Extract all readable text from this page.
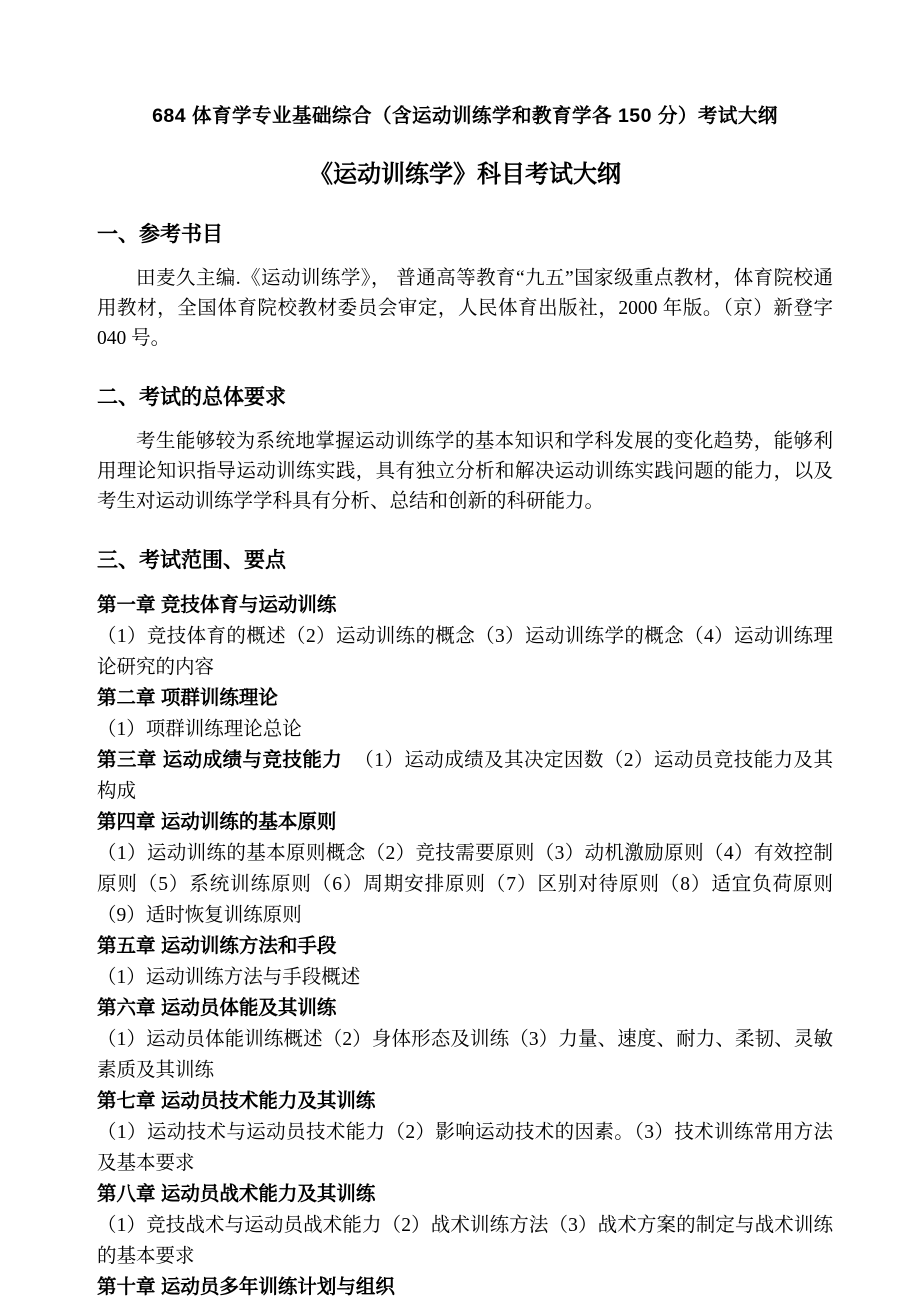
684 体育学专业基础综合（含运动训练学和教育学各 150 分）考试大纲
《运动训练学》科目考试大纲
一、参考书目

田麦久主编.《运动训练学》， 普通高等教育“九五”国家级重点教材，体育院校通用教材，全国体育院校教材委员会审定，人民体育出版社，2000 年版。（京）新登字 040 号。

二、考试的总体要求

考生能够较为系统地掌握运动训练学的基本知识和学科发展的变化趋势，能够利用理论知识指导运动训练实践，具有独立分析和解决运动训练实践问题的能力，以及考生对运动训练学学科具有分析、总结和创新的科研能力。

三、考试范围、要点

第一章 竞技体育与运动训练

（1）竞技体育的概述（2）运动训练的概念（3）运动训练学的概念（4）运动训练理论研究的内容

第二章 项群训练理论

（1）项群训练理论总论

第三章 运动成绩与竞技能力 （1）运动成绩及其决定因数（2）运动员竞技能力及其构成

第四章 运动训练的基本原则

（1）运动训练的基本原则概念（2）竞技需要原则（3）动机激励原则（4）有效控制原则（5）系统训练原则（6）周期安排原则（7）区别对待原则（8）适宜负荷原则 （9）适时恢复训练原则

第五章 运动训练方法和手段

（1）运动训练方法与手段概述

第六章 运动员体能及其训练

（1）运动员体能训练概述（2）身体形态及训练（3）力量、速度、耐力、柔韧、灵敏素质及其训练

第七章 运动员技术能力及其训练

（1）运动技术与运动员技术能力（2）影响运动技术的因素。（3）技术训练常用方法及基本要求

第八章 运动员战术能力及其训练

（1）竞技战术与运动员战术能力（2）战术训练方法（3）战术方案的制定与战术训练的基本要求

第十章 运动员多年训练计划与组织
